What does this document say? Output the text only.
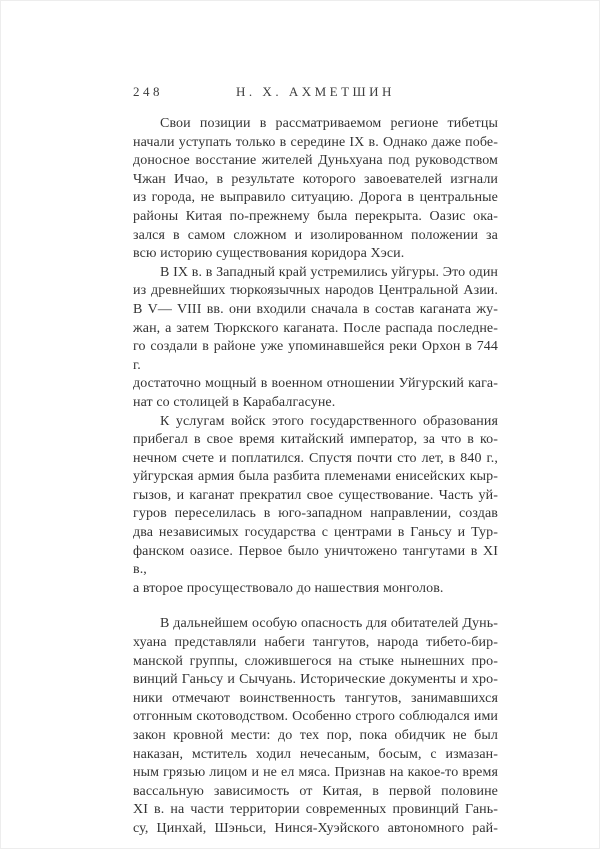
248	Н. Х. АХМЕТШИН
Свои позиции в рассматриваемом регионе тибетцы
начали уступать только в середине IX в. Однако даже побе-
доносное восстание жителей Дуньхуана под руководством
Чжан Ичао, в результате которого завоевателей изгнали
из города, не выправило ситуацию. Дорога в центральные
районы Китая по-прежнему была перекрыта. Оазис ока-
зался в самом сложном и изолированном положении за
всю историю существования коридора Хэси.
В IX в. в Западный край устремились уйгуры. Это один
из древнейших тюркоязычных народов Центральной Азии.
В V— VIII вв. они входили сначала в состав каганата жу-
жан, а затем Тюркского каганата. После распада последне-
го создали в районе уже упоминавшейся реки Орхон в 744 г.
достаточно мощный в военном отношении Уйгурский кага-
нат со столицей в Карабалгасуне.
К услугам войск этого государственного образования
прибегал в свое время китайский император, за что в ко-
нечном счете и поплатился. Спустя почти сто лет, в 840 г.,
уйгурская армия была разбита племенами енисейских кыр-
гызов, и каганат прекратил свое существование. Часть уй-
гуров переселилась в юго-западном направлении, создав
два независимых государства с центрами в Ганьсу и Тур-
фанском оазисе. Первое было уничтожено тангутами в XI в.,
а второе просуществовало до нашествия монголов.
В дальнейшем особую опасность для обитателей Дунь-
хуана представляли набеги тангутов, народа тибето-бир-
манской группы, сложившегося на стыке нынешних про-
винций Ганьсу и Сычуань. Исторические документы и хро-
ники отмечают воинственность тангутов, занимавшихся
отгонным скотоводством. Особенно строго соблюдался ими
закон кровной мести: до тех пор, пока обидчик не был
наказан, мститель ходил нечесаным, босым, с измазан-
ным грязью лицом и не ел мяса. Признав на какое-то время
вассальную зависимость от Китая, в первой половине
XI в. на части территории современных провинций Гань-
су, Цинхай, Шэньси, Нинся-Хуэйского автономного рай-
